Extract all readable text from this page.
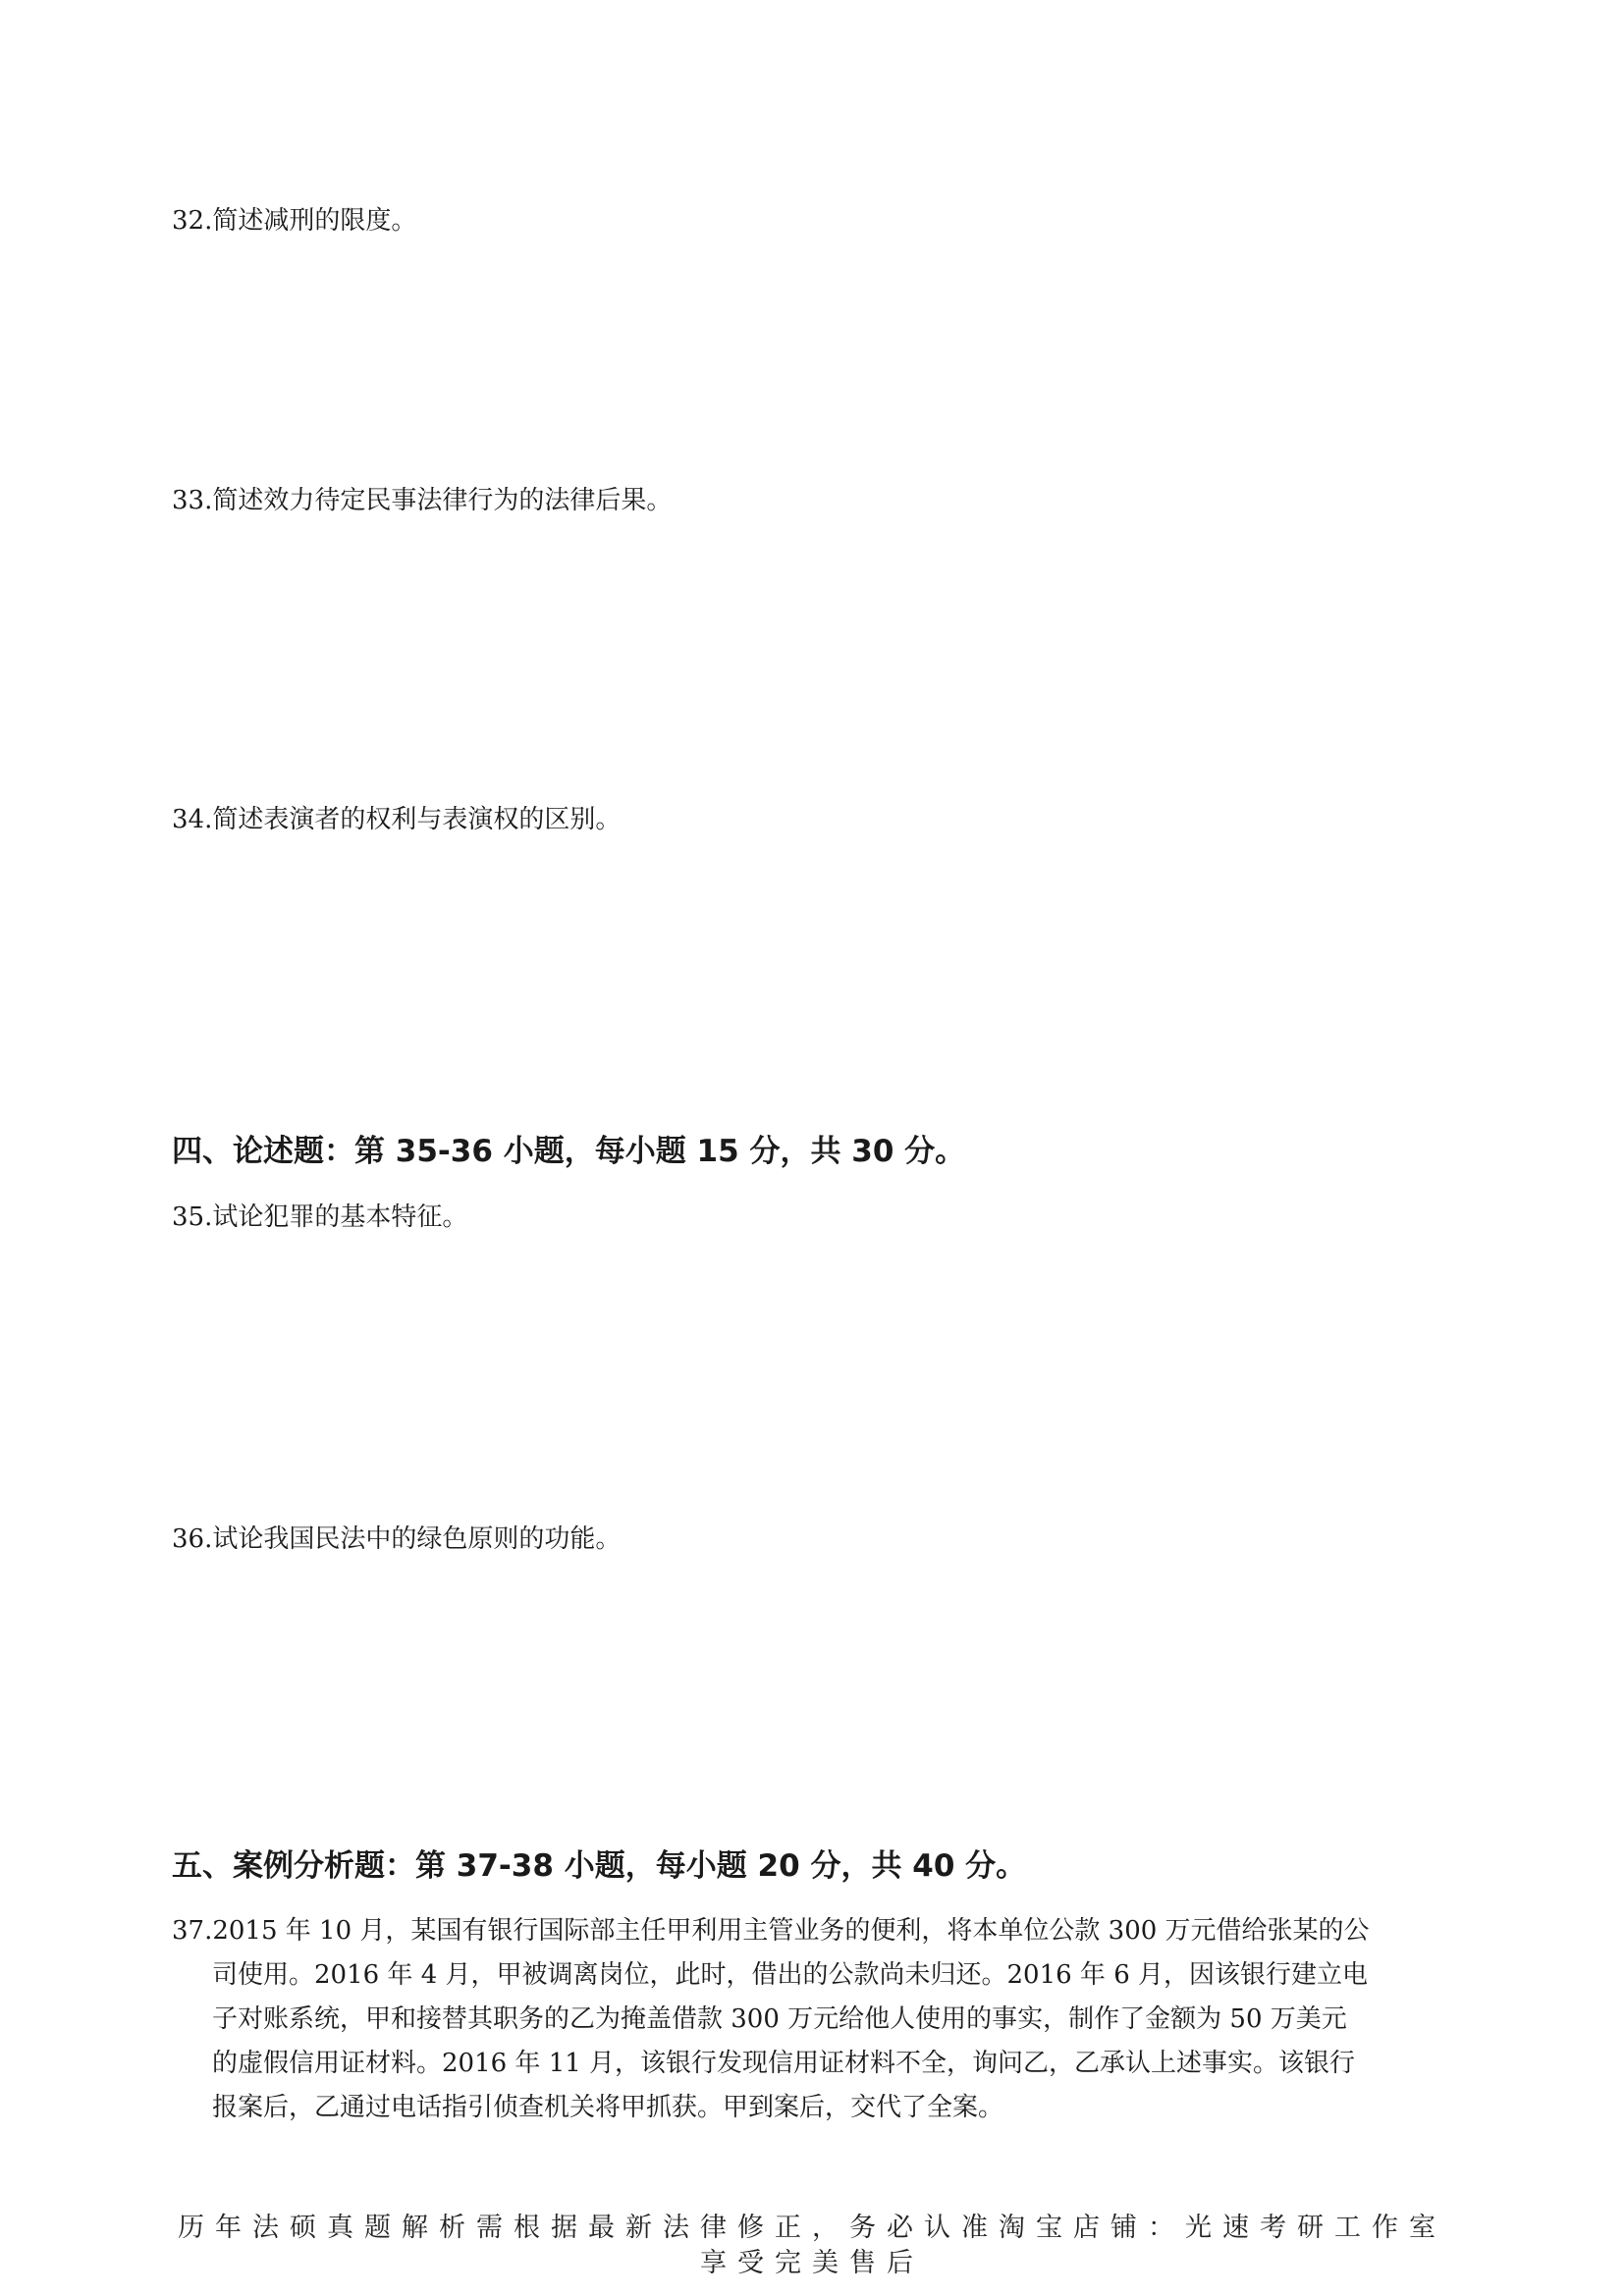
32.简述减刑的限度。

33.简述效力待定民事法律行为的法律后果。

34.简述表演者的权利与表演权的区别。

四、论述题：第 35-36 小题，每小题 15 分，共 30 分。

35.试论犯罪的基本特征。

36.试论我国民法中的绿色原则的功能。

五、案例分析题：第 37-38 小题，每小题 20 分，共 40 分。

37.2015 年 10 月，某国有银行国际部主任甲利用主管业务的便利，将本单位公款 300 万元借给张某的公
司使用。2016 年 4 月，甲被调离岗位，此时，借出的公款尚未归还。2016 年 6 月，因该银行建立电
子对账系统，甲和接替其职务的乙为掩盖借款 300 万元给他人使用的事实，制作了金额为 50 万美元
的虚假信用证材料。2016 年 11 月，该银行发现信用证材料不全，询问乙，乙承认上述事实。该银行
报案后，乙通过电话指引侦查机关将甲抓获。甲到案后，交代了全案。
历年法硕真题解析需根据最新法律修正，务必认准淘宝店铺：光速考研工作室
享受完美售后
